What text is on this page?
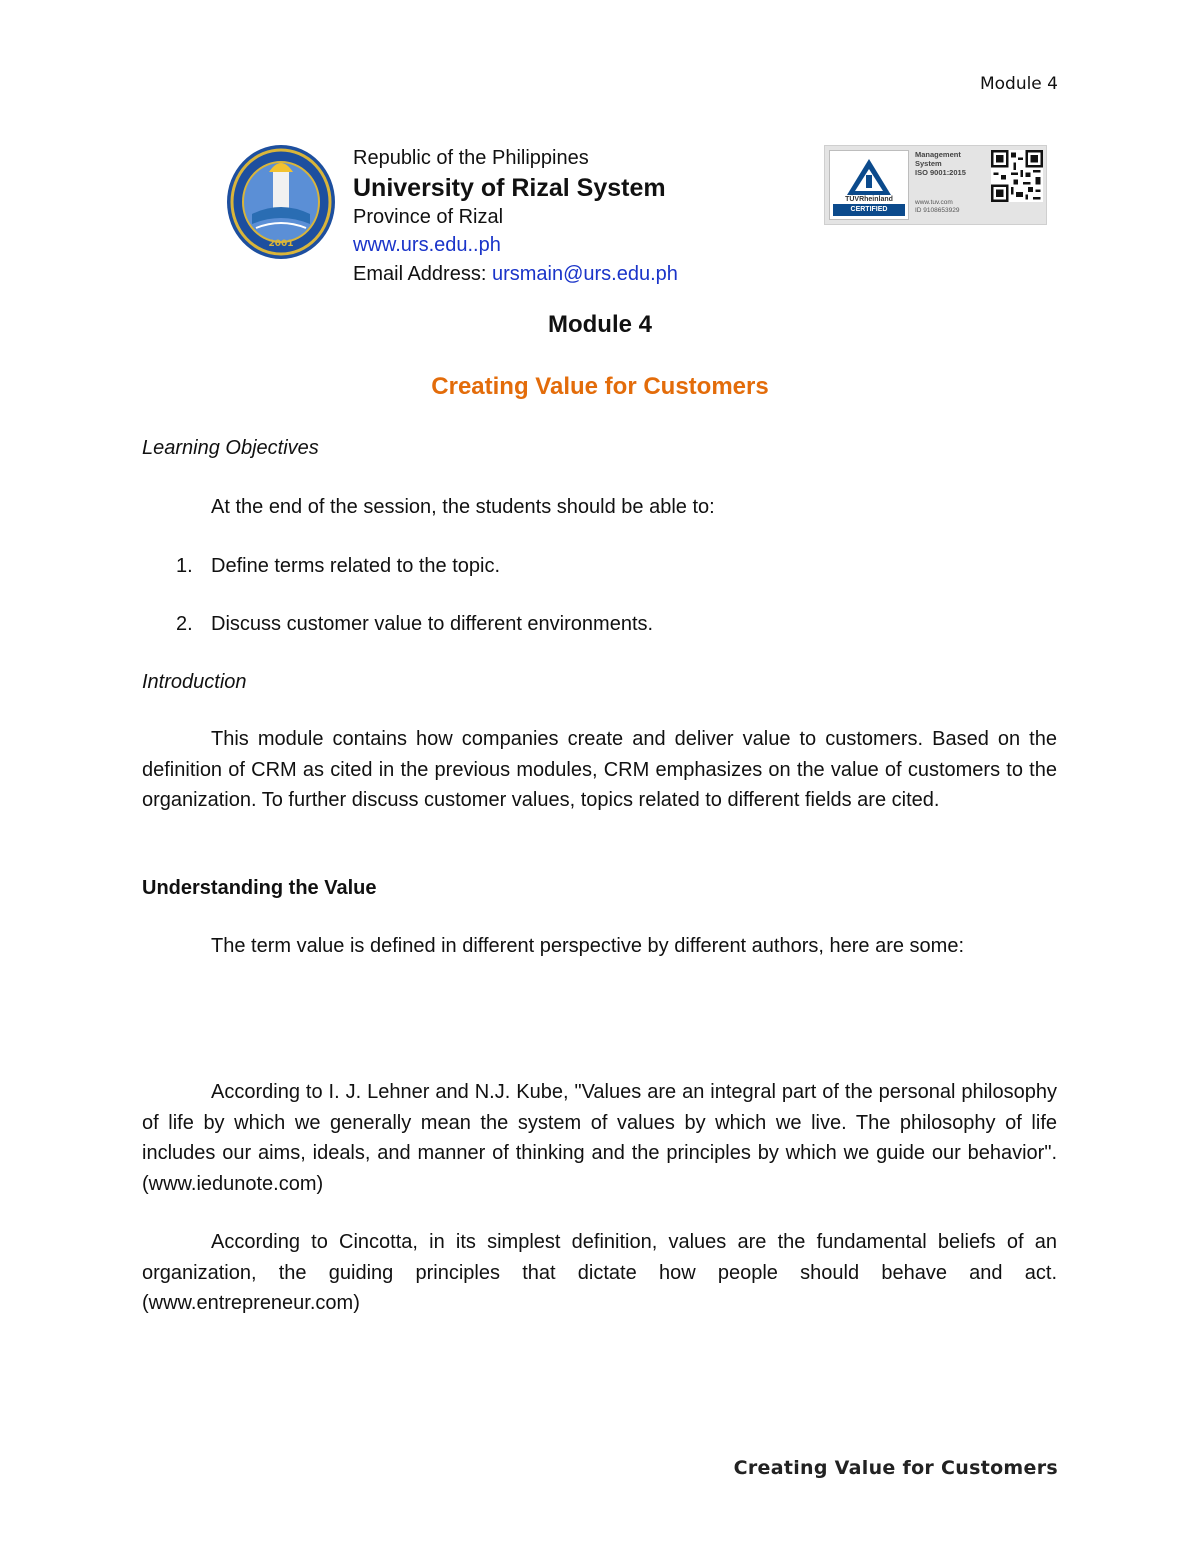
Module 4
2001
Republic of the Philippines
University of Rizal System
Province of Rizal
www.urs.edu..ph
Email Address: ursmain@urs.edu.ph
TÜVRheinland
CERTIFIED
Management
System
ISO 9001:2015
www.tuv.com
ID 9108653929
Module 4
Creating Value for Customers
Learning Objectives
At the end of the session, the students should be able to:
1. Define terms related to the topic.
2. Discuss customer value to different environments.
Introduction
This module contains how companies create and deliver value to customers. Based on the definition of CRM as cited in the previous modules, CRM emphasizes on the value of customers to the organization. To further discuss customer values, topics related to different fields are cited.
Understanding the Value
The term value is defined in different perspective by different authors, here are some:
According to I. J. Lehner and N.J. Kube, "Values are an integral part of the personal philosophy of life by which we generally mean the system of values by which we live. The philosophy of life includes our aims, ideals, and manner of thinking and the principles by which we guide our behavior". (www.iedunote.com)
According to Cincotta, in its simplest definition, values are the fundamental beliefs of an organization, the guiding principles that dictate how people should behave and act. (www.entrepreneur.com)
Creating Value for Customers
